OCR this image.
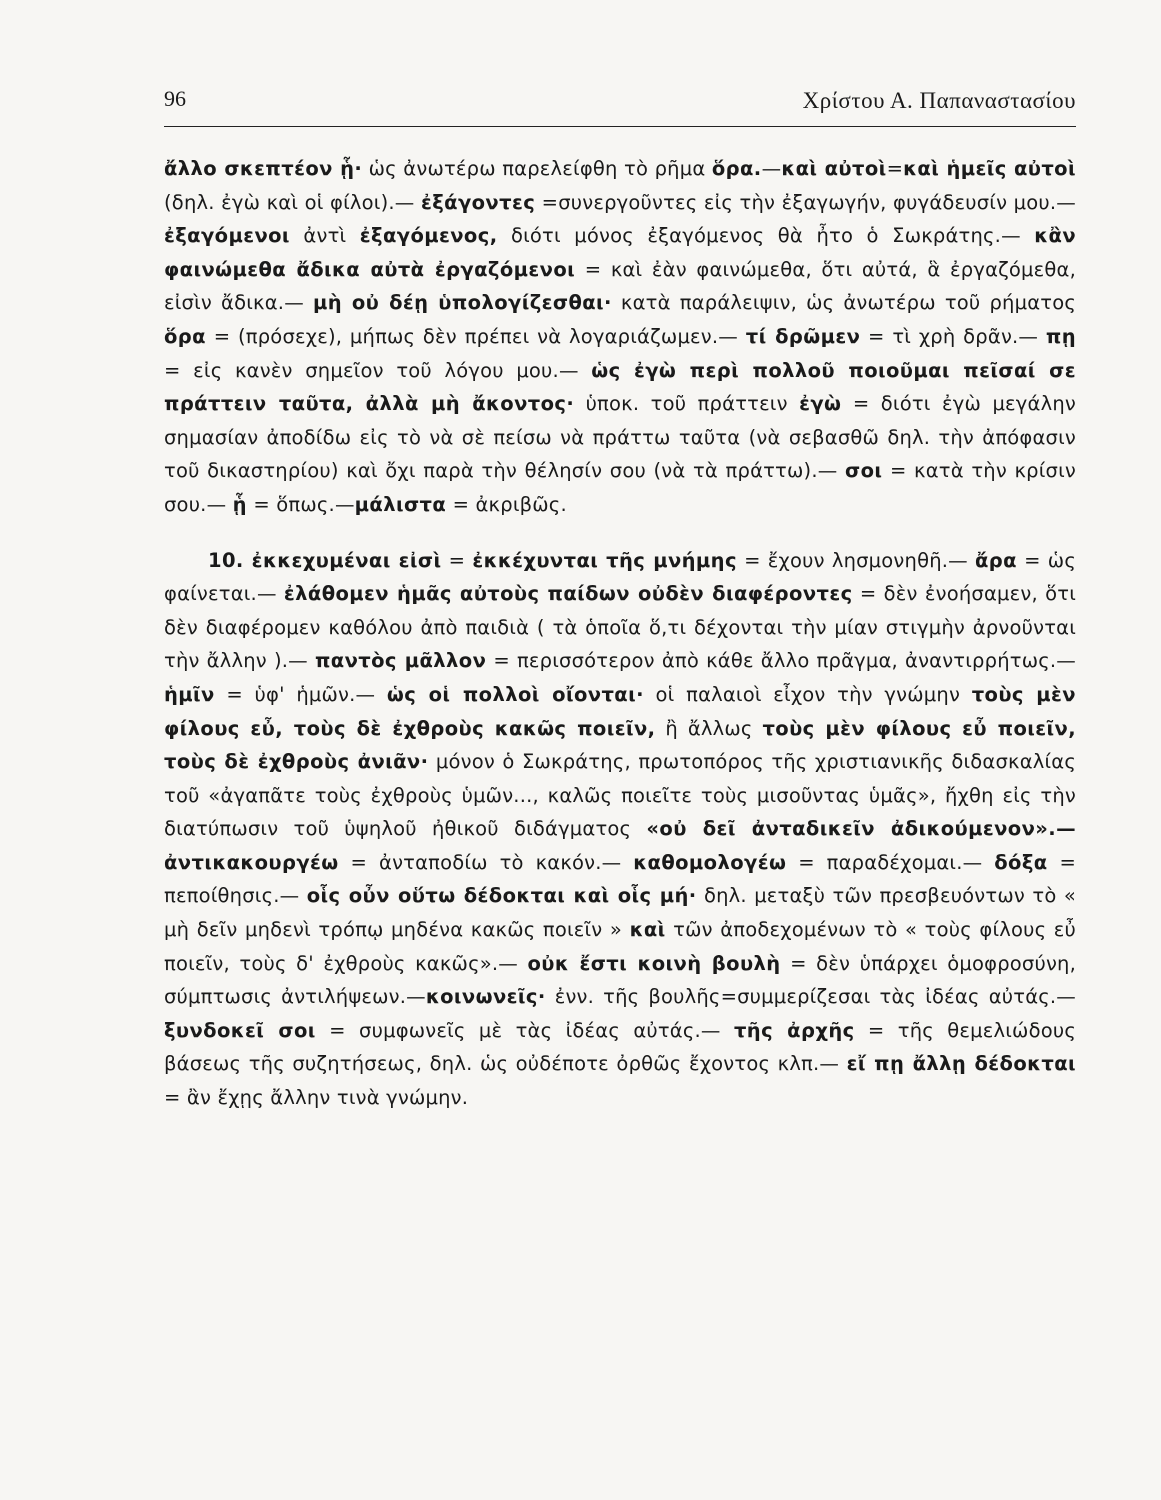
96	Χρίστου Α. Παπαναστασίου

ἄλλο σκεπτέον ᾗ· ὡς ἀνωτέρω παρελείφθη τὸ ρῆμα ὅρα.—καὶ αὐτοὶ=καὶ ἡμεῖς αὐτοὶ (δηλ. ἐγὼ καὶ οἱ φίλοι).— ἐξάγοντες =συνεργοῦντες εἰς τὴν ἐξαγωγήν, φυγάδευσίν μου.— ἐξαγόμενοι ἀντὶ ἐξαγόμενος, διότι μόνος ἐξαγόμενος θὰ ἦτο ὁ Σωκράτης.— κἂν φαινώμεθα ἄδικα αὐτὰ ἐργαζόμενοι = καὶ ἐὰν φαινώμεθα, ὅτι αὐτά, ἃ ἐργαζόμεθα, εἰσὶν ἄδικα.— μὴ οὐ δέῃ ὑπολογίζεσθαι· κατὰ παράλειψιν, ὡς ἀνωτέρω τοῦ ρήματος ὅρα = (πρόσεχε), μήπως δὲν πρέπει νὰ λογαριάζωμεν.— τί δρῶμεν = τὶ χρὴ δρᾶν.— πῃ = εἰς κανὲν σημεῖον τοῦ λόγου μου.— ὡς ἐγὼ περὶ πολλοῦ ποιοῦμαι πεῖσαί σε πράττειν ταῦτα, ἀλλὰ μὴ ἄκοντος· ὑποκ. τοῦ πράττειν ἐγὼ = διότι ἐγὼ μεγάλην σημασίαν ἀποδίδω εἰς τὸ νὰ σὲ πείσω νὰ πράττω ταῦτα (νὰ σεβασθῶ δηλ. τὴν ἀπόφασιν τοῦ δικαστηρίου) καὶ ὄχι παρὰ τὴν θέλησίν σου (νὰ τὰ πράττω).— σοι = κατὰ τὴν κρίσιν σου.— ᾗ = ὅπως.—μάλιστα = ἀκριβῶς.

10. ἐκκεχυμέναι εἰσὶ = ἐκκέχυνται τῆς μνήμης = ἔχουν λησμονηθῆ.— ἄρα = ὡς φαίνεται.— ἐλάθομεν ἡμᾶς αὐτοὺς παίδων οὐδὲν διαφέροντες = δὲν ἐνοήσαμεν, ὅτι δὲν διαφέρομεν καθόλου ἀπὸ παιδιὰ ( τὰ ὁποῖα ὅ,τι δέχονται τὴν μίαν στιγμὴν ἀρνοῦνται τὴν ἄλλην ).— παντὸς μᾶλλον = περισσότερον ἀπὸ κάθε ἄλλο πρᾶγμα, ἀναντιρρήτως.— ἡμῖν = ὑφ' ἡμῶν.— ὡς οἱ πολλοὶ οἴονται· οἱ παλαιοὶ εἶχον τὴν γνώμην τοὺς μὲν φίλους εὖ, τοὺς δὲ ἐχθροὺς κακῶς ποιεῖν, ἢ ἄλλως τοὺς μὲν φίλους εὖ ποιεῖν, τοὺς δὲ ἐχθροὺς ἀνιᾶν· μόνον ὁ Σωκράτης, πρωτοπόρος τῆς χριστιανικῆς διδασκαλίας τοῦ «ἀγαπᾶτε τοὺς ἐχθροὺς ὑμῶν..., καλῶς ποιεῖτε τοὺς μισοῦντας ὑμᾶς», ἤχθη εἰς τὴν διατύπωσιν τοῦ ὑψηλοῦ ἠθικοῦ διδάγματος «οὐ δεῖ ἀνταδικεῖν ἀδικούμενον».— ἀντικακουργέω = ἀνταποδίω τὸ κακόν.— καθομολογέω = παραδέχομαι.— δόξα = πεποίθησις.— οἷς οὖν οὕτω δέδοκται καὶ οἷς μή· δηλ. μεταξὺ τῶν πρεσβευόντων τὸ « μὴ δεῖν μηδενὶ τρόπῳ μηδένα κακῶς ποιεῖν » καὶ τῶν ἀποδεχομένων τὸ « τοὺς φίλους εὖ ποιεῖν, τοὺς δ' ἐχθροὺς κακῶς».— οὐκ ἔστι κοινὴ βουλὴ = δὲν ὑπάρχει ὁμοφροσύνη, σύμπτωσις ἀντιλήψεων.—κοινωνεῖς· ἐνν. τῆς βουλῆς=συμμερίζεσαι τὰς ἰδέας αὐτάς.—ξυνδοκεῖ σοι = συμφωνεῖς μὲ τὰς ἰδέας αὐτάς.— τῆς ἀρχῆς = τῆς θεμελιώδους βάσεως τῆς συζητήσεως, δηλ. ὡς οὐδέποτε ὀρθῶς ἔχοντος κλπ.— εἴ πῃ ἄλλῃ δέδοκται = ἂν ἔχῃς ἄλλην τινὰ γνώμην.
